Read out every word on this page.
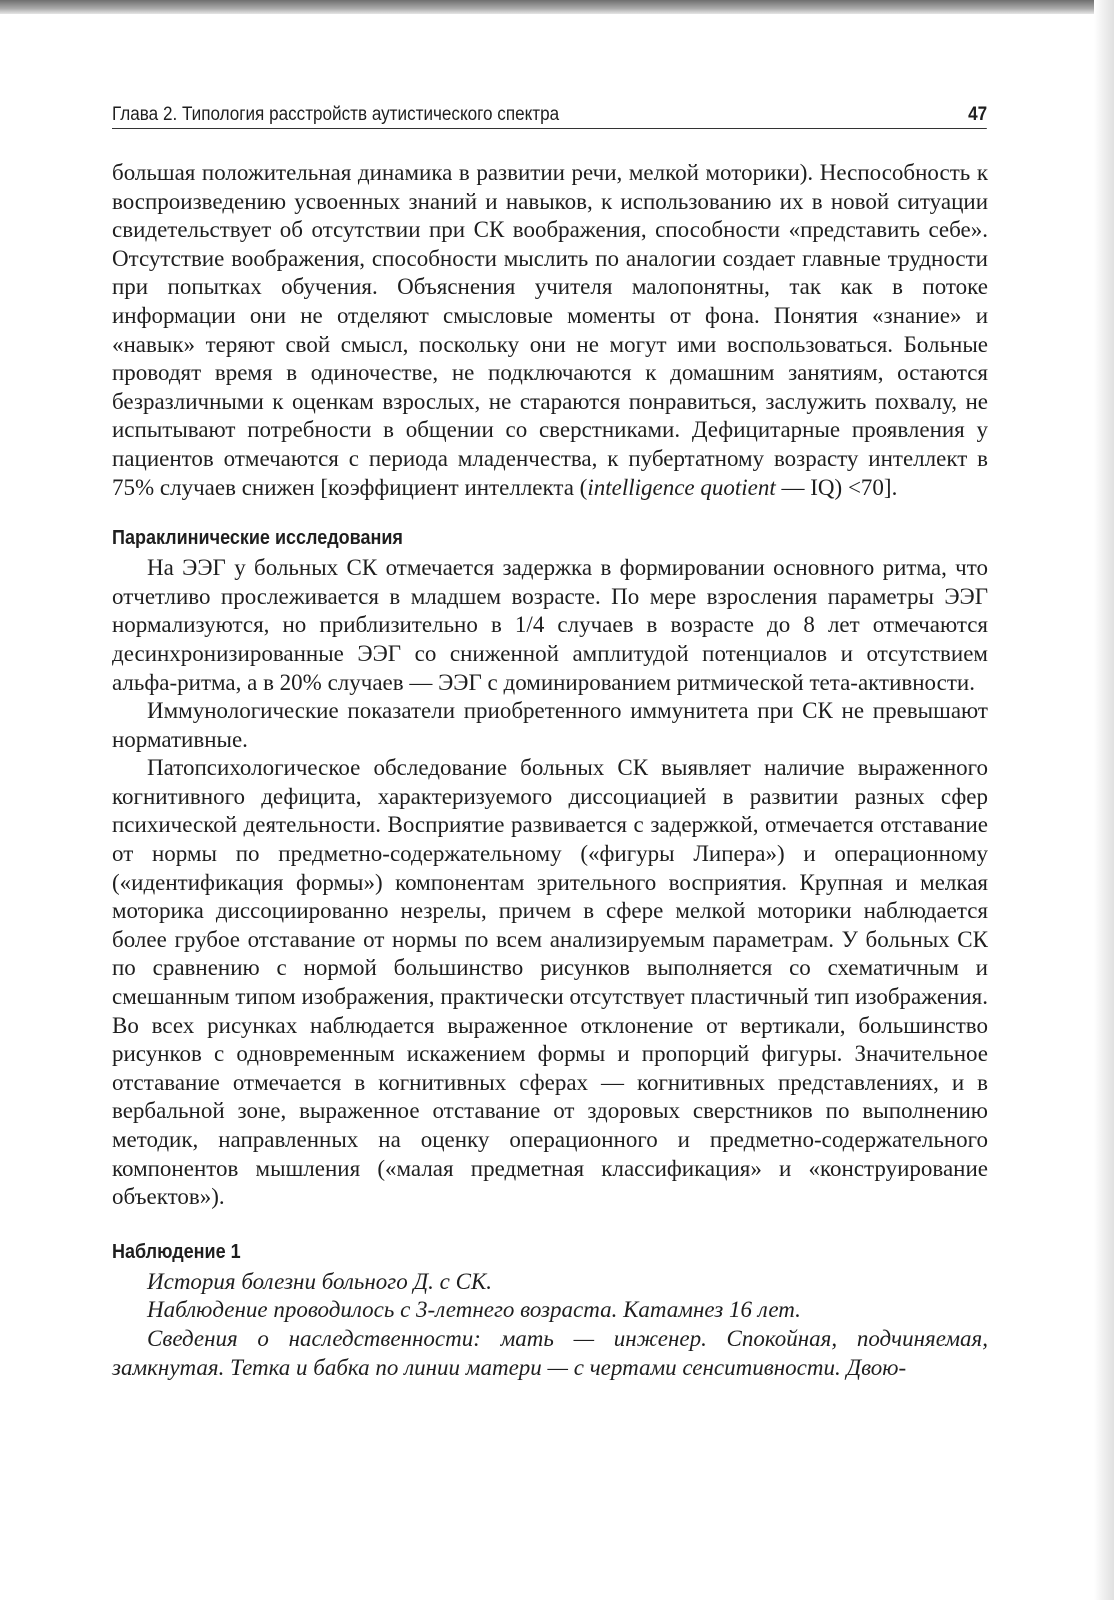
Глава 2. Типология расстройств аутистического спектра	47

большая положительная динамика в развитии речи, мелкой моторики). Неспособность к воспроизведению усвоенных знаний и навыков, к использованию их в новой ситуации свидетельствует об отсутствии при СК воображения, способности «представить себе». Отсутствие воображения, способности мыслить по аналогии создает главные трудности при попытках обучения. Объяснения учителя малопонятны, так как в потоке информации они не отделяют смысловые моменты от фона. Понятия «знание» и «навык» теряют свой смысл, поскольку они не могут ими воспользоваться. Больные проводят время в одиночестве, не подключаются к домашним занятиям, остаются безразличными к оценкам взрослых, не стараются понравиться, заслужить похвалу, не испытывают потребности в общении со сверстниками. Дефицитарные проявления у пациентов отмечаются с периода младенчества, к пубертатному возрасту интеллект в 75% случаев снижен [коэффициент интеллекта (intelligence quotient — IQ) <70].

Параклинические исследования

На ЭЭГ у больных СК отмечается задержка в формировании основного ритма, что отчетливо прослеживается в младшем возрасте. По мере взросления параметры ЭЭГ нормализуются, но приблизительно в 1/4 случаев в возрасте до 8 лет отмечаются десинхронизированные ЭЭГ со сниженной амплитудой потенциалов и отсутствием альфа-ритма, а в 20% случаев — ЭЭГ с доминированием ритмической тета-активности.

Иммунологические показатели приобретенного иммунитета при СК не превышают нормативные.

Патопсихологическое обследование больных СК выявляет наличие выраженного когнитивного дефицита, характеризуемого диссоциацией в развитии разных сфер психической деятельности. Восприятие развивается с задержкой, отмечается отставание от нормы по предметно-содержательному («фигуры Липера») и операционному («идентификация формы») компонентам зрительного восприятия. Крупная и мелкая моторика диссоциированно незрелы, причем в сфере мелкой моторики наблюдается более грубое отставание от нормы по всем анализируемым параметрам. У больных СК по сравнению с нормой большинство рисунков выполняется со схематичным и смешанным типом изображения, практически отсутствует пластичный тип изображения. Во всех рисунках наблюдается выраженное отклонение от вертикали, большинство рисунков с одновременным искажением формы и пропорций фигуры. Значительное отставание отмечается в когнитивных сферах — когнитивных представлениях, и в вербальной зоне, выраженное отставание от здоровых сверстников по выполнению методик, направленных на оценку операционного и предметно-содержательного компонентов мышления («малая предметная классификация» и «конструирование объектов»).

Наблюдение 1

История болезни больного Д. с СК.

Наблюдение проводилось с 3-летнего возраста. Катамнез 16 лет.

Сведения о наследственности: мать — инженер. Спокойная, подчиняемая, замкнутая. Тетка и бабка по линии матери — с чертами сенситивности. Двою-
